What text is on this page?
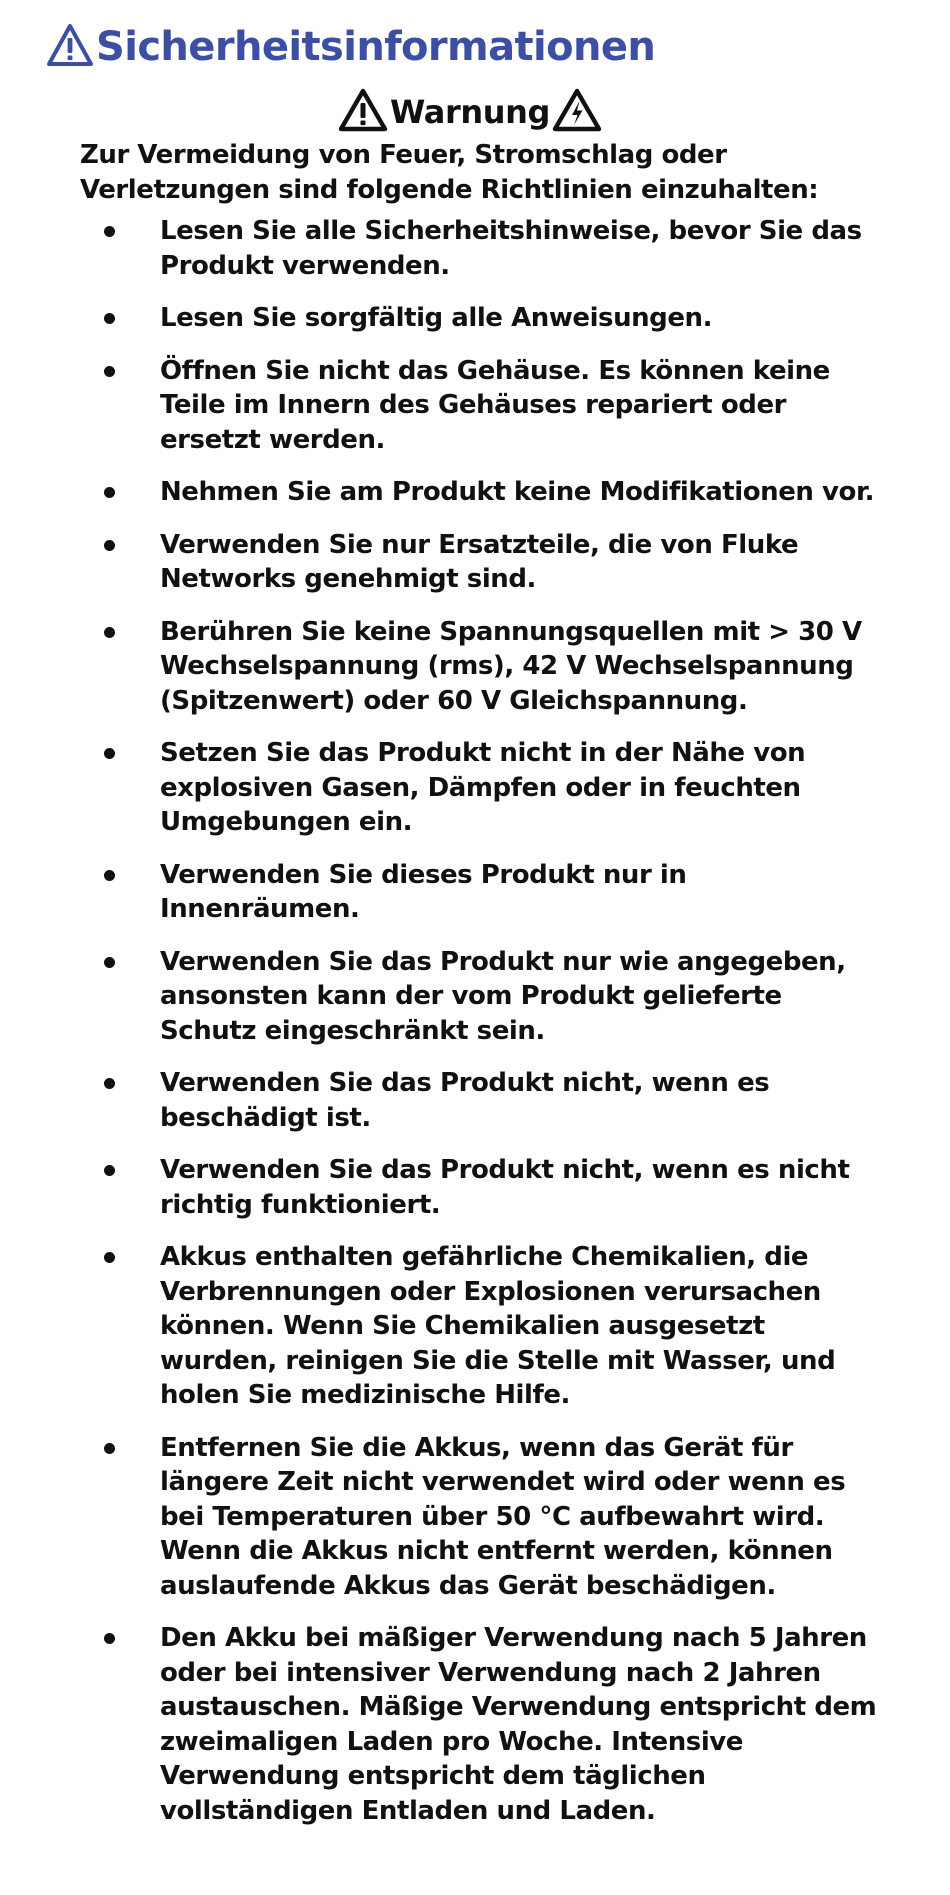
Sicherheitsinformationen
Warnung

Zur Vermeidung von Feuer, Stromschlag oder Verletzungen sind folgende Richtlinien einzuhalten:

Lesen Sie alle Sicherheitshinweise, bevor Sie das Produkt verwenden.
Lesen Sie sorgfältig alle Anweisungen.
Öffnen Sie nicht das Gehäuse. Es können keine Teile im Innern des Gehäuses repariert oder ersetzt werden.
Nehmen Sie am Produkt keine Modifikationen vor.
Verwenden Sie nur Ersatzteile, die von Fluke Networks genehmigt sind.
Berühren Sie keine Spannungsquellen mit > 30 V Wechselspannung (rms), 42 V Wechselspannung (Spitzenwert) oder 60 V Gleichspannung.
Setzen Sie das Produkt nicht in der Nähe von explosiven Gasen, Dämpfen oder in feuchten Umgebungen ein.
Verwenden Sie dieses Produkt nur in Innenräumen.
Verwenden Sie das Produkt nur wie angegeben, ansonsten kann der vom Produkt gelieferte Schutz eingeschränkt sein.
Verwenden Sie das Produkt nicht, wenn es beschädigt ist.
Verwenden Sie das Produkt nicht, wenn es nicht richtig funktioniert.
Akkus enthalten gefährliche Chemikalien, die Verbrennungen oder Explosionen verursachen können. Wenn Sie Chemikalien ausgesetzt wurden, reinigen Sie die Stelle mit Wasser, und holen Sie medizinische Hilfe.
Entfernen Sie die Akkus, wenn das Gerät für längere Zeit nicht verwendet wird oder wenn es bei Temperaturen über 50 °C aufbewahrt wird. Wenn die Akkus nicht entfernt werden, können auslaufende Akkus das Gerät beschädigen.
Den Akku bei mäßiger Verwendung nach 5 Jahren oder bei intensiver Verwendung nach 2 Jahren austauschen. Mäßige Verwendung entspricht dem zweimaligen Laden pro Woche. Intensive Verwendung entspricht dem täglichen vollständigen Entladen und Laden.
